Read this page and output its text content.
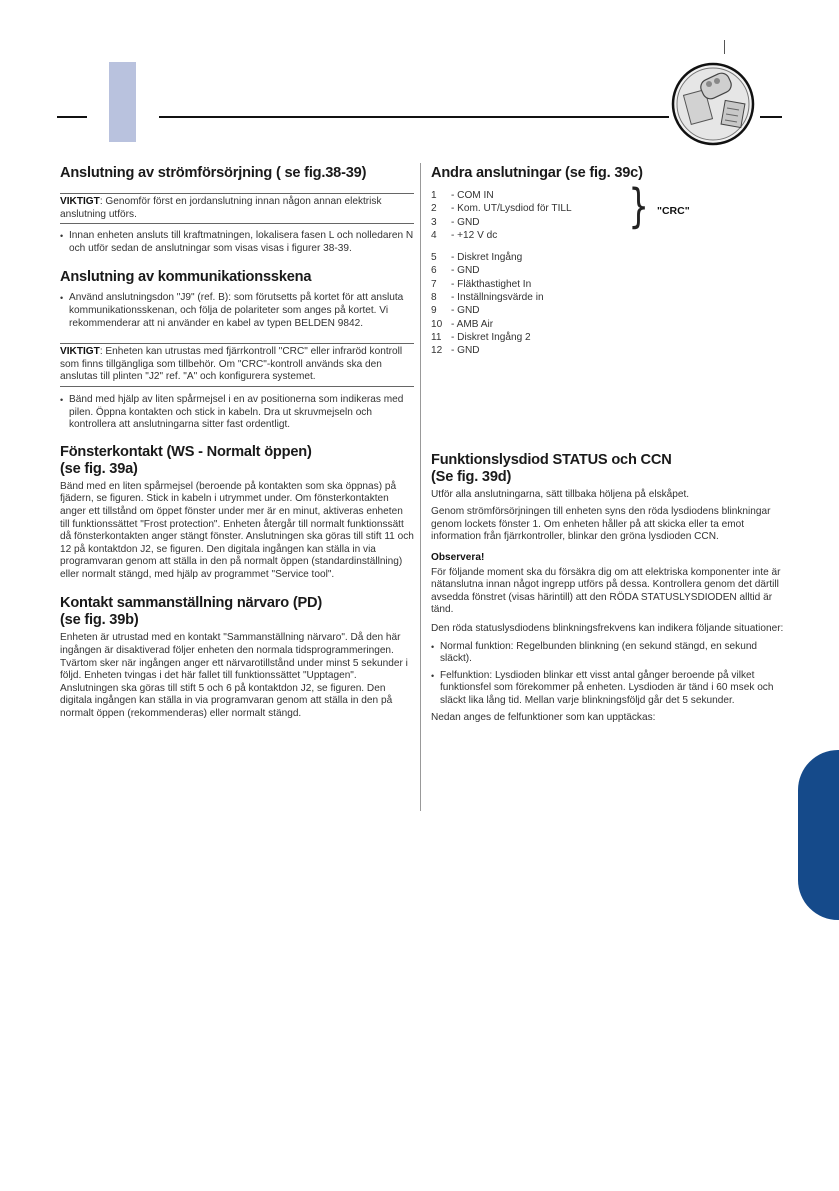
Anslutning av strömförsörjning ( se fig.38-39)

VIKTIGT: Genomför först en jordanslutning innan någon annan elektrisk anslutning utförs.

• Innan enheten ansluts till kraftmatningen, lokalisera fasen L och nolledaren N och utför sedan de anslutningar som visas visas i figurer 38-39.
Anslutning av kommunikationsskena
• Använd anslutningsdon "J9" (ref. B): som förutsetts på kortet för att ansluta kommunikationsskenan, och följa de polariteter som anges på kortet. Vi rekommenderar att ni använder en kabel av typen BELDEN 9842.

VIKTIGT: Enheten kan utrustas med fjärrkontroll "CRC" eller infraröd kontroll som finns tillgängliga som tillbehör. Om "CRC"-kontroll används ska den anslutas till plinten "J2" ref. "A" och konfigurera systemet.

• Bänd med hjälp av liten spårmejsel i en av positionerna som indikeras med pilen. Öppna kontakten och stick in kabeln. Dra ut skruvmejseln och kontrollera att anslutningarna sitter fast ordentligt.
Fönsterkontakt (WS - Normalt öppen)
(se fig. 39a)

Bänd med en liten spårmejsel (beroende på kontakten som ska öppnas) på fjädern, se figuren. Stick in kabeln i utrymmet under. Om fönsterkontakten anger ett tillstånd om öppet fönster under mer är en minut, aktiveras enheten till funktionssättet "Frost protection". Enheten återgår till normalt funktionssätt då fönsterkontakten anger stängt fönster. Anslutningen ska göras till stift 11 och 12 på kontaktdon J2, se figuren. Den digitala ingången kan ställa in via programvaran genom att ställa in den på normalt öppen (standardinställning) eller normalt stängd, med hjälp av programmet "Service tool".

Kontakt sammanställning närvaro (PD)
(se fig. 39b)

Enheten är utrustad med en kontakt "Sammanställning närvaro". Då den här ingången är disaktiverad följer enheten den normala tidsprogrammeringen. Tvärtom sker när ingången anger ett närvarotillstånd under minst 5 sekunder i följd. Enheten tvingas i det här fallet till funktionssättet "Upptagen". Anslutningen ska göras till stift 5 och 6 på kontaktdon J2, se figuren. Den digitala ingången kan ställa in via programvaran genom att ställa in den på normalt öppen (rekommenderas) eller normalt stängd.

Andra anslutningar (se fig. 39c)
1	- COM IN
2	- Kom. UT/Lysdiod för TILL
3	- GND
4	- +12 V dc
} "CRC"
5	- Diskret Ingång
6	- GND
7	- Fläkthastighet In
8	- Inställningsvärde in
9	- GND
10 - AMB Air
11 - Diskret Ingång 2
12 - GND
Funktionslysdiod STATUS och CCN
(Se fig. 39d)

Utför alla anslutningarna, sätt tillbaka höljena på elskåpet.

Genom strömförsörjningen till enheten syns den röda lysdiodens blinkningar genom lockets fönster 1. Om enheten håller på att skicka eller ta emot information från fjärrkontroller, blinkar den gröna lysdioden CCN.

Observera!

För följande moment ska du försäkra dig om att elektriska komponenter inte är nätanslutna innan något ingrepp utförs på dessa. Kontrollera genom det därtill avsedda fönstret (visas härintill) att den RÖDA STATUSLYSDIODEN alltid är tänd.

Den röda statuslysdiodens blinkningsfrekvens kan indikera följande situationer:

• Normal funktion: Regelbunden blinkning (en sekund stängd, en sekund släckt).
• Felfunktion: Lysdioden blinkar ett visst antal gånger beroende på vilket funktionsfel som förekommer på enheten. Lysdioden är tänd i 60 msek och släckt lika lång tid. Mellan varje blinkningsföljd går det 5 sekunder.

Nedan anges de felfunktioner som kan upptäckas:
